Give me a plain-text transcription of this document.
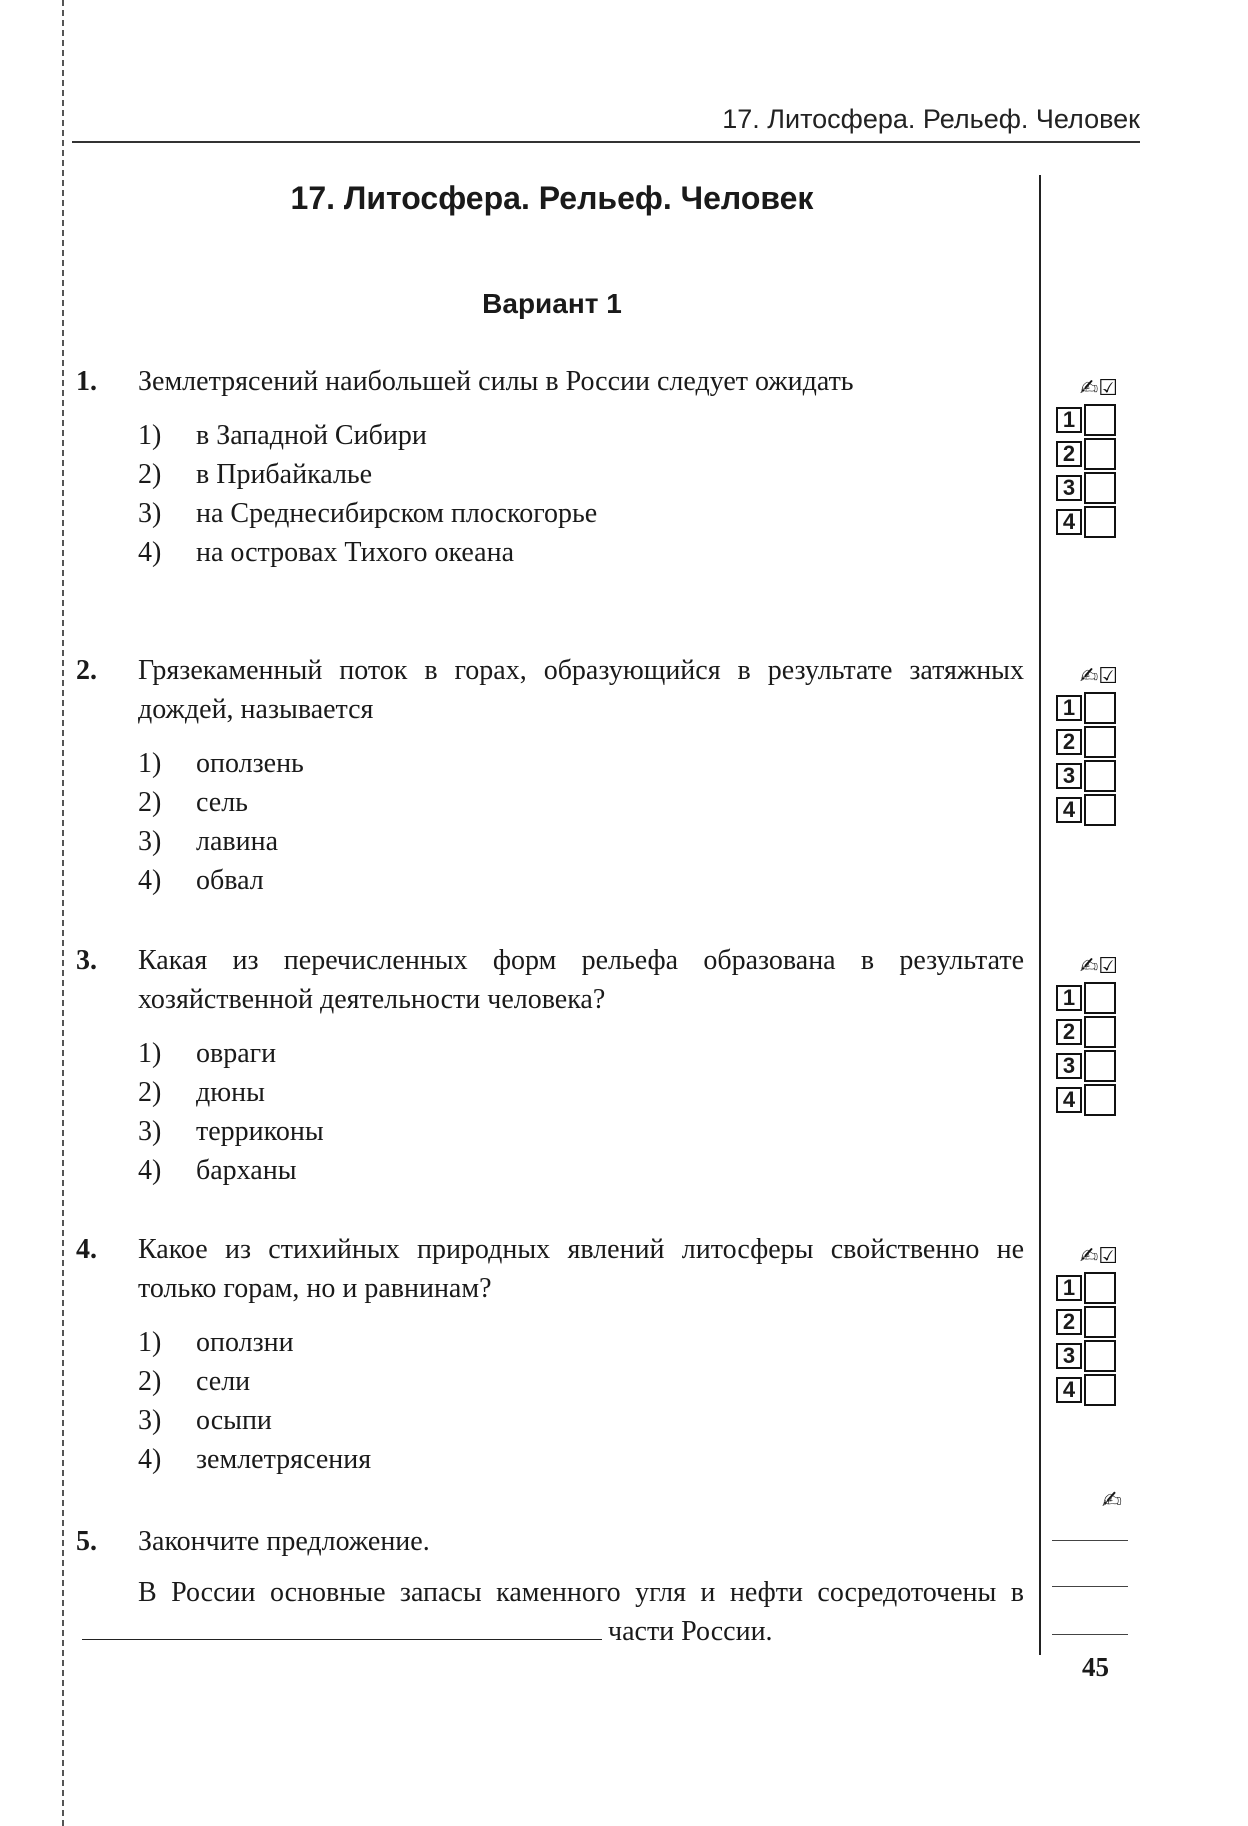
17. Литосфера. Рельеф. Человек
17. Литосфера. Рельеф. Человек
Вариант 1
1. Землетрясений наибольшей силы в России следует ожидать
1) в Западной Сибири
2) в Прибайкалье
3) на Среднесибирском плоскогорье
4) на островах Тихого океана
✍☑
1
2
3
4
2. Грязекаменный поток в горах, образующийся в результате затяжных дождей, называется
1) оползень
2) сель
3) лавина
4) обвал
✍☑
1
2
3
4
3. Какая из перечисленных форм рельефа образована в результате хозяйственной деятельности человека?
1) овраги
2) дюны
3) терриконы
4) барханы
✍☑
1
2
3
4
4. Какое из стихийных природных явлений литосферы свойственно не только горам, но и равнинам?
1) оползни
2) сели
3) осыпи
4) землетрясения
✍☑
1
2
3
4
✍
5. Закончите предложение.
В России основные запасы каменного угля и нефти сосредоточены вчасти России.
45
